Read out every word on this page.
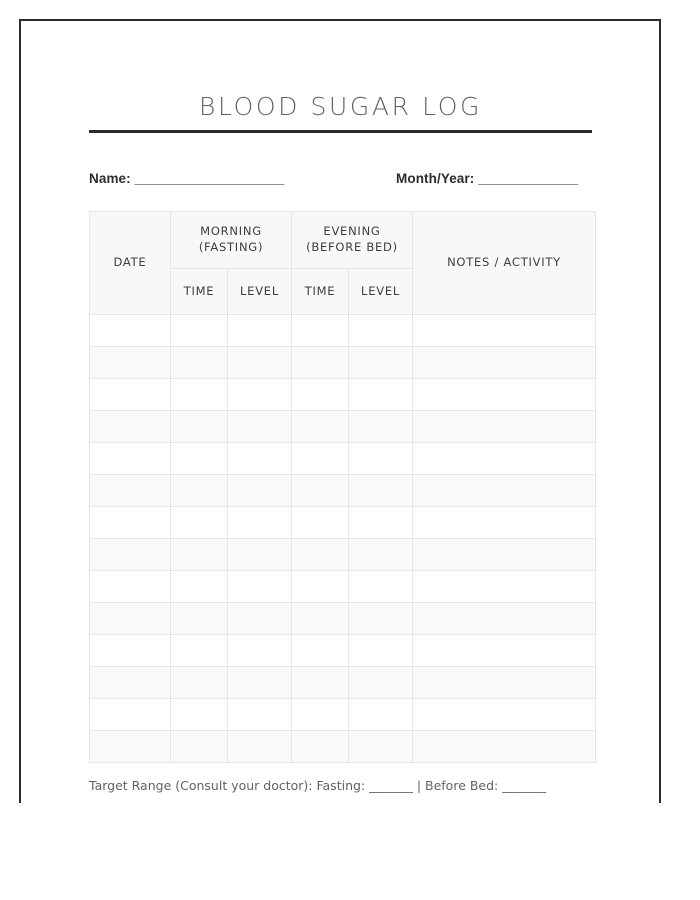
BLOOD SUGAR LOG
Name: _____________________	Month/Year: ______________
DATE	MORNING (FASTING)		EVENING (BEFORE BED)		NOTES / ACTIVITY
	TIME	LEVEL	TIME	LEVEL	

Target Range (Consult your doctor): Fasting: _______ | Before Bed: _______
